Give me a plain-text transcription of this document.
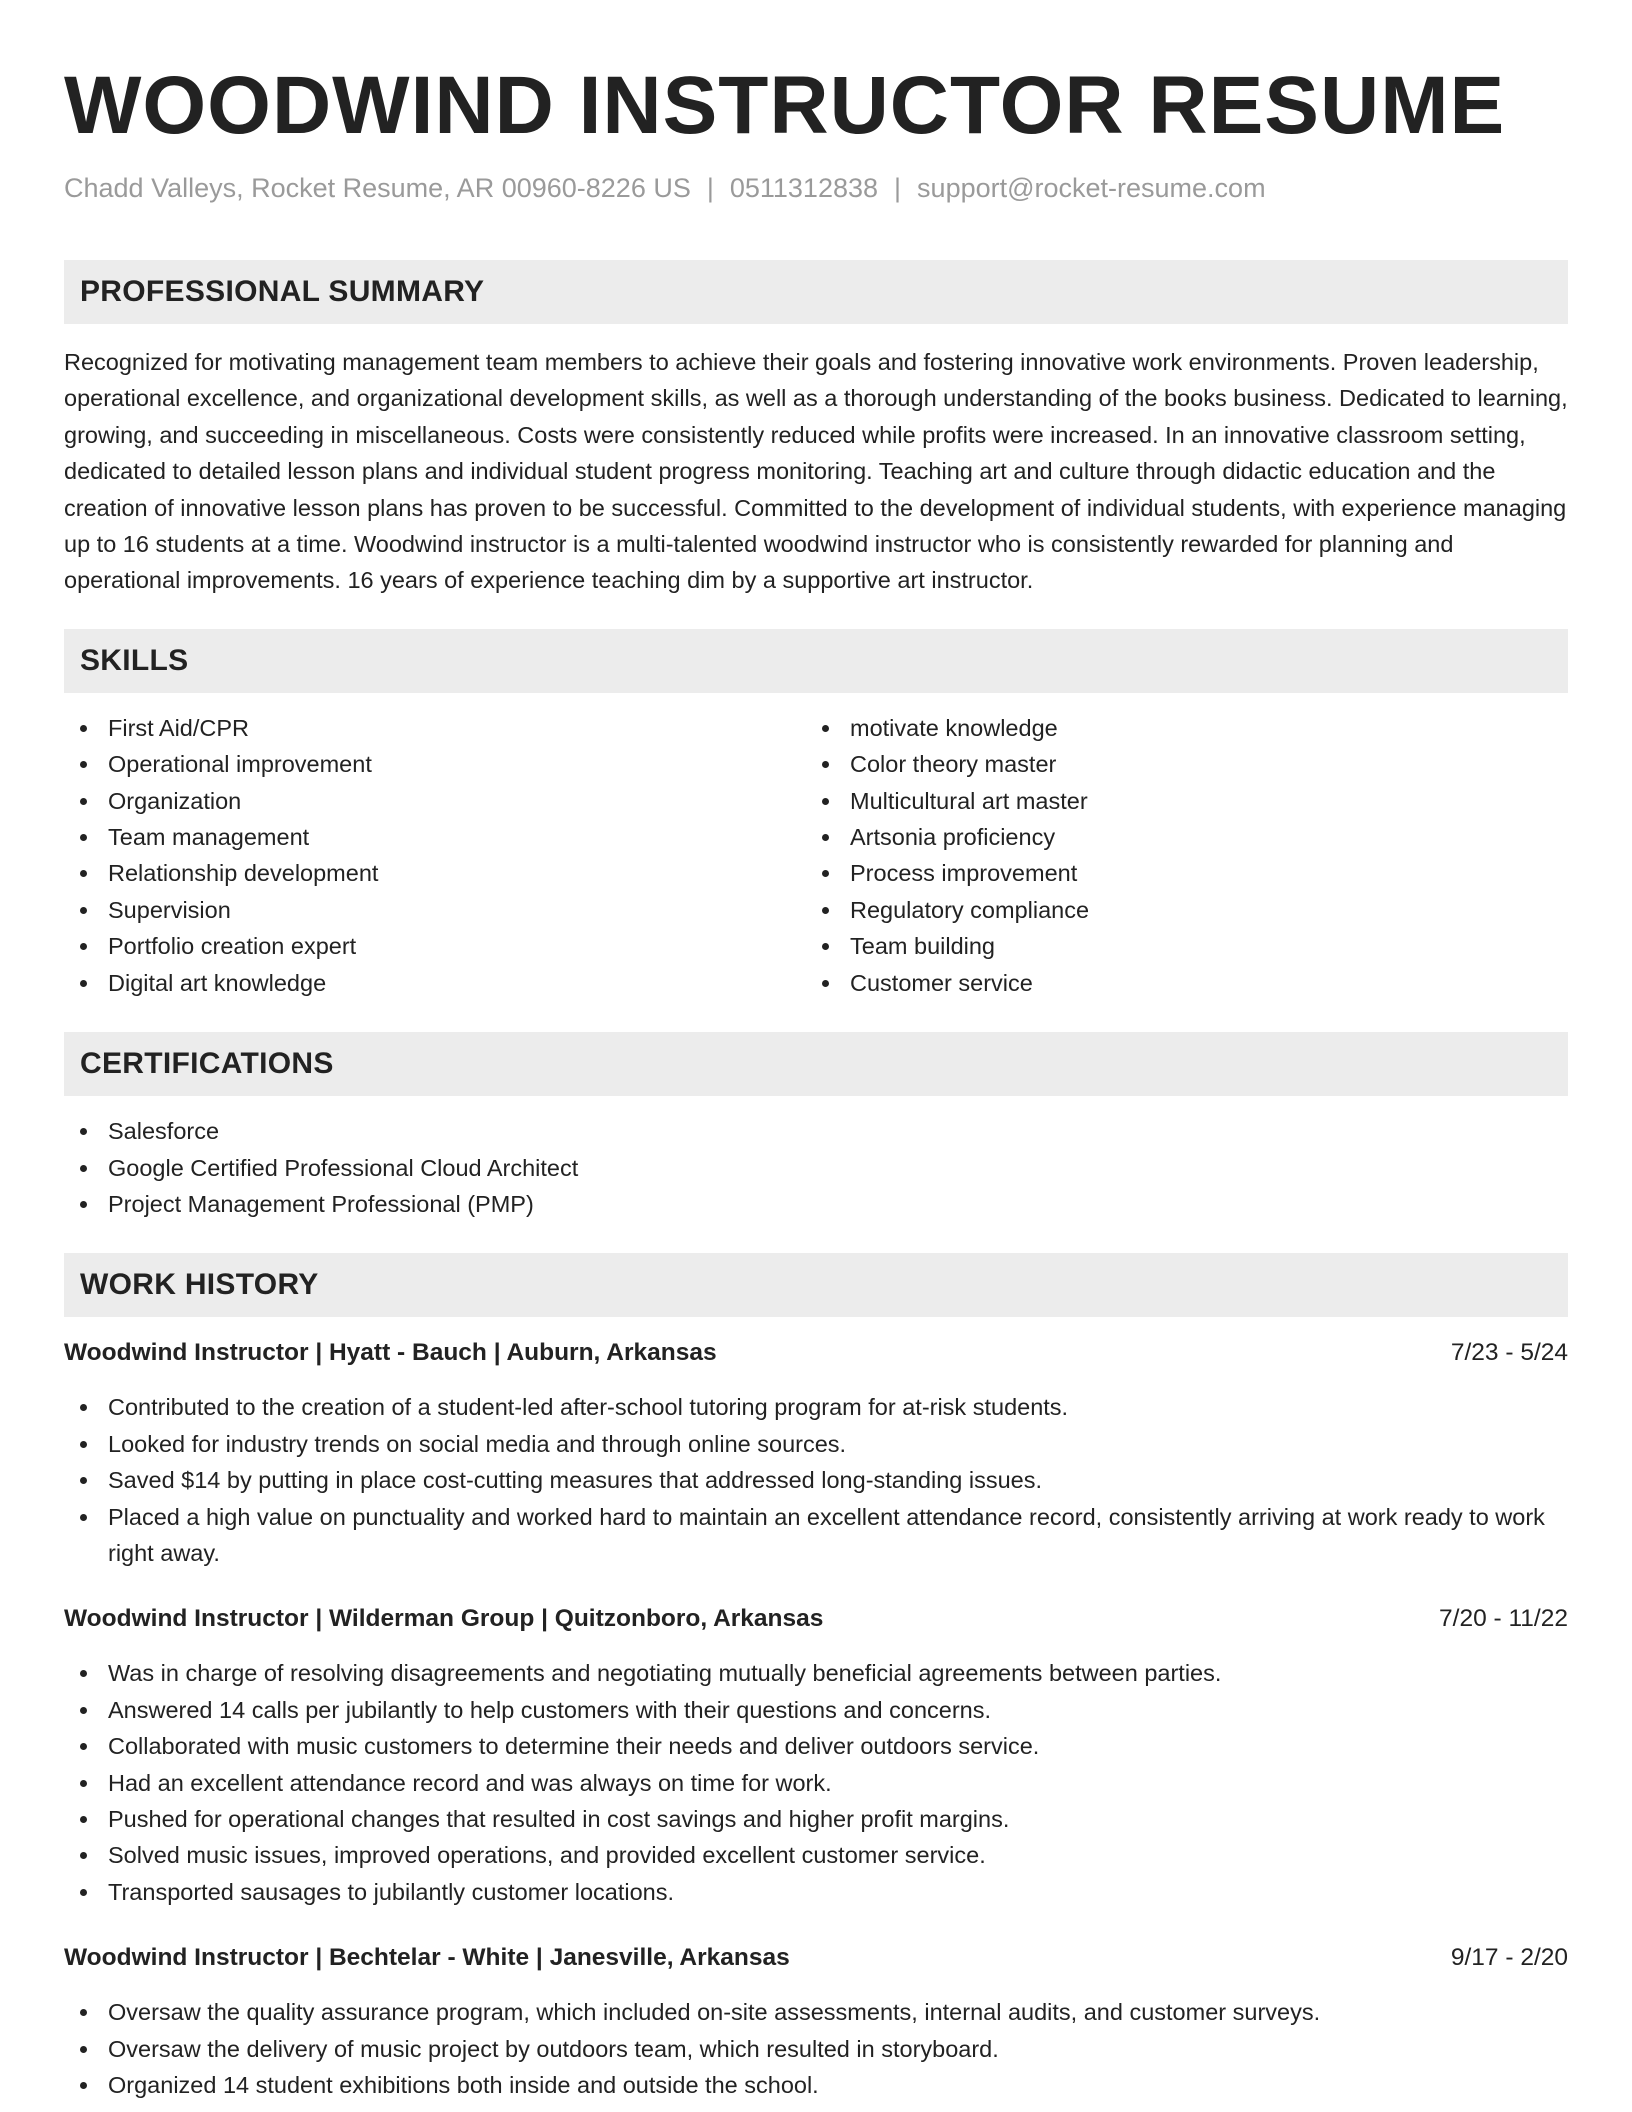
WOODWIND INSTRUCTOR RESUME
Chadd Valleys, Rocket Resume, AR 00960-8226 US | 0511312838 | support@rocket-resume.com
PROFESSIONAL SUMMARY

Recognized for motivating management team members to achieve their goals and fostering innovative work environments. Proven leadership, operational excellence, and organizational development skills, as well as a thorough understanding of the books business. Dedicated to learning, growing, and succeeding in miscellaneous. Costs were consistently reduced while profits were increased. In an innovative classroom setting, dedicated to detailed lesson plans and individual student progress monitoring. Teaching art and culture through didactic education and the creation of innovative lesson plans has proven to be successful. Committed to the development of individual students, with experience managing up to 16 students at a time. Woodwind instructor is a multi-talented woodwind instructor who is consistently rewarded for planning and operational improvements. 16 years of experience teaching dim by a supportive art instructor.

SKILLS
First Aid/CPR
Operational improvement
Organization
Team management
Relationship development
Supervision
Portfolio creation expert
Digital art knowledge
motivate knowledge
Color theory master
Multicultural art master
Artsonia proficiency
Process improvement
Regulatory compliance
Team building
Customer service
CERTIFICATIONS
Salesforce
Google Certified Professional Cloud Architect
Project Management Professional (PMP)
WORK HISTORY
Woodwind Instructor | Hyatt - Bauch | Auburn, Arkansas	7/23 - 5/24
Contributed to the creation of a student-led after-school tutoring program for at-risk students.
Looked for industry trends on social media and through online sources.
Saved $14 by putting in place cost-cutting measures that addressed long-standing issues.
Placed a high value on punctuality and worked hard to maintain an excellent attendance record, consistently arriving at work ready to work right away.
Woodwind Instructor | Wilderman Group | Quitzonboro, Arkansas	7/20 - 11/22
Was in charge of resolving disagreements and negotiating mutually beneficial agreements between parties.
Answered 14 calls per jubilantly to help customers with their questions and concerns.
Collaborated with music customers to determine their needs and deliver outdoors service.
Had an excellent attendance record and was always on time for work.
Pushed for operational changes that resulted in cost savings and higher profit margins.
Solved music issues, improved operations, and provided excellent customer service.
Transported sausages to jubilantly customer locations.
Woodwind Instructor | Bechtelar - White | Janesville, Arkansas	9/17 - 2/20
Oversaw the quality assurance program, which included on-site assessments, internal audits, and customer surveys.
Oversaw the delivery of music project by outdoors team, which resulted in storyboard.
Organized 14 student exhibitions both inside and outside the school.
